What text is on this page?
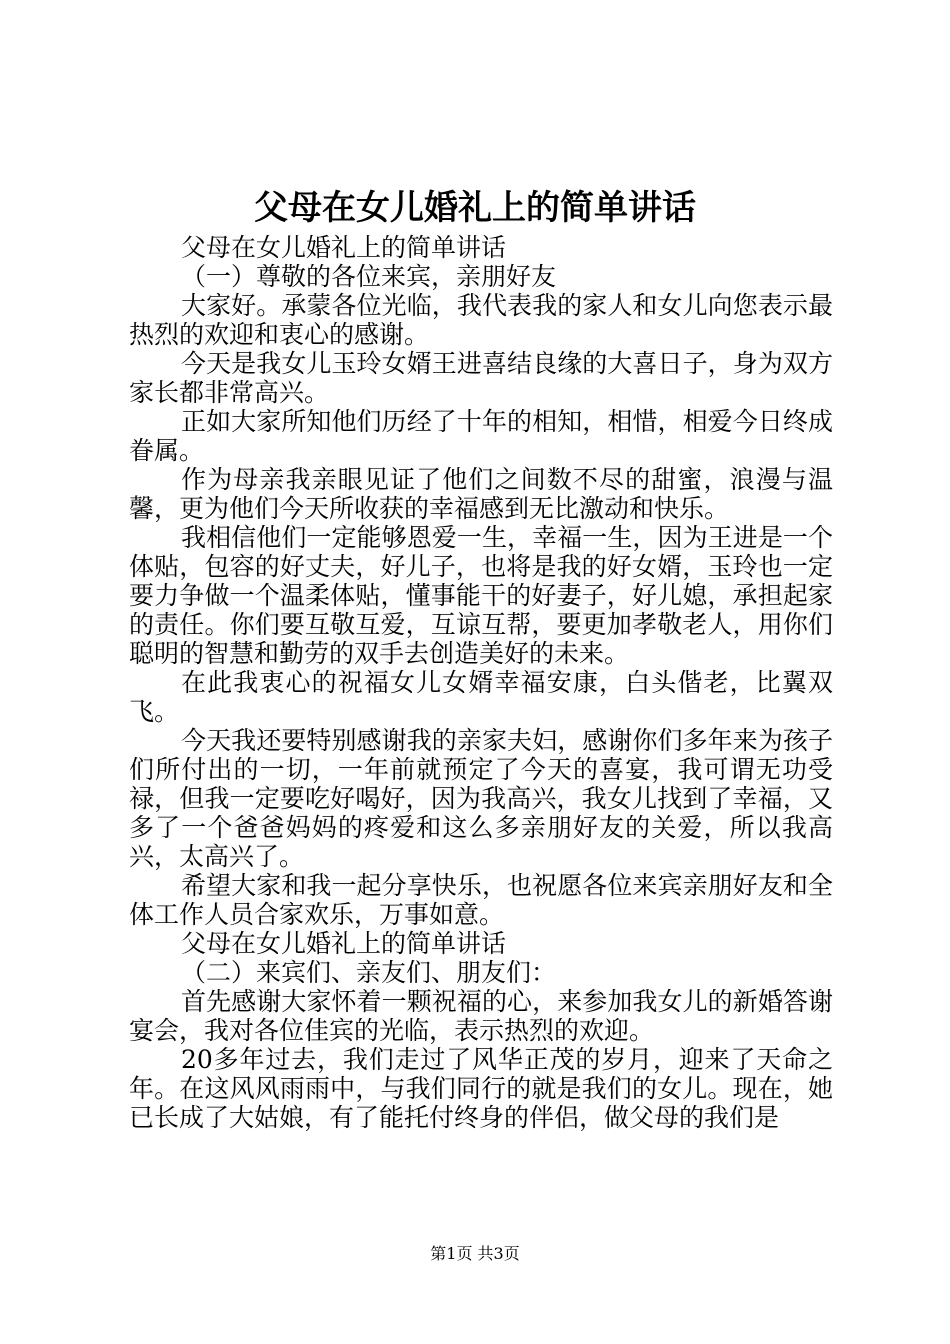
父母在女儿婚礼上的简单讲话

父母在女儿婚礼上的简单讲话

（一）尊敬的各位来宾，亲朋好友

大家好。承蒙各位光临，我代表我的家人和女儿向您表示最热烈的欢迎和衷心的感谢。

今天是我女儿玉玲女婿王进喜结良缘的大喜日子，身为双方家长都非常高兴。

正如大家所知他们历经了十年的相知，相惜，相爱今日终成眷属。

作为母亲我亲眼见证了他们之间数不尽的甜蜜，浪漫与温馨，更为他们今天所收获的幸福感到无比激动和快乐。

我相信他们一定能够恩爱一生，幸福一生，因为王进是一个体贴，包容的好丈夫，好儿子，也将是我的好女婿，玉玲也一定要力争做一个温柔体贴，懂事能干的好妻子，好儿媳，承担起家的责任。你们要互敬互爱，互谅互帮，要更加孝敬老人，用你们聪明的智慧和勤劳的双手去创造美好的未来。

在此我衷心的祝福女儿女婿幸福安康，白头偕老，比翼双飞。

今天我还要特别感谢我的亲家夫妇，感谢你们多年来为孩子们所付出的一切，一年前就预定了今天的喜宴，我可谓无功受禄，但我一定要吃好喝好，因为我高兴，我女儿找到了幸福，又多了一个爸爸妈妈的疼爱和这么多亲朋好友的关爱，所以我高兴，太高兴了。

希望大家和我一起分享快乐，也祝愿各位来宾亲朋好友和全体工作人员合家欢乐，万事如意。

父母在女儿婚礼上的简单讲话

（二）来宾们、亲友们、朋友们：

首先感谢大家怀着一颗祝福的心，来参加我女儿的新婚答谢宴会，我对各位佳宾的光临，表示热烈的欢迎。

20多年过去，我们走过了风华正茂的岁月，迎来了天命之年。在这风风雨雨中，与我们同行的就是我们的女儿。现在，她已长成了大姑娘，有了能托付终身的伴侣，做父母的我们是

第1页 共3页
